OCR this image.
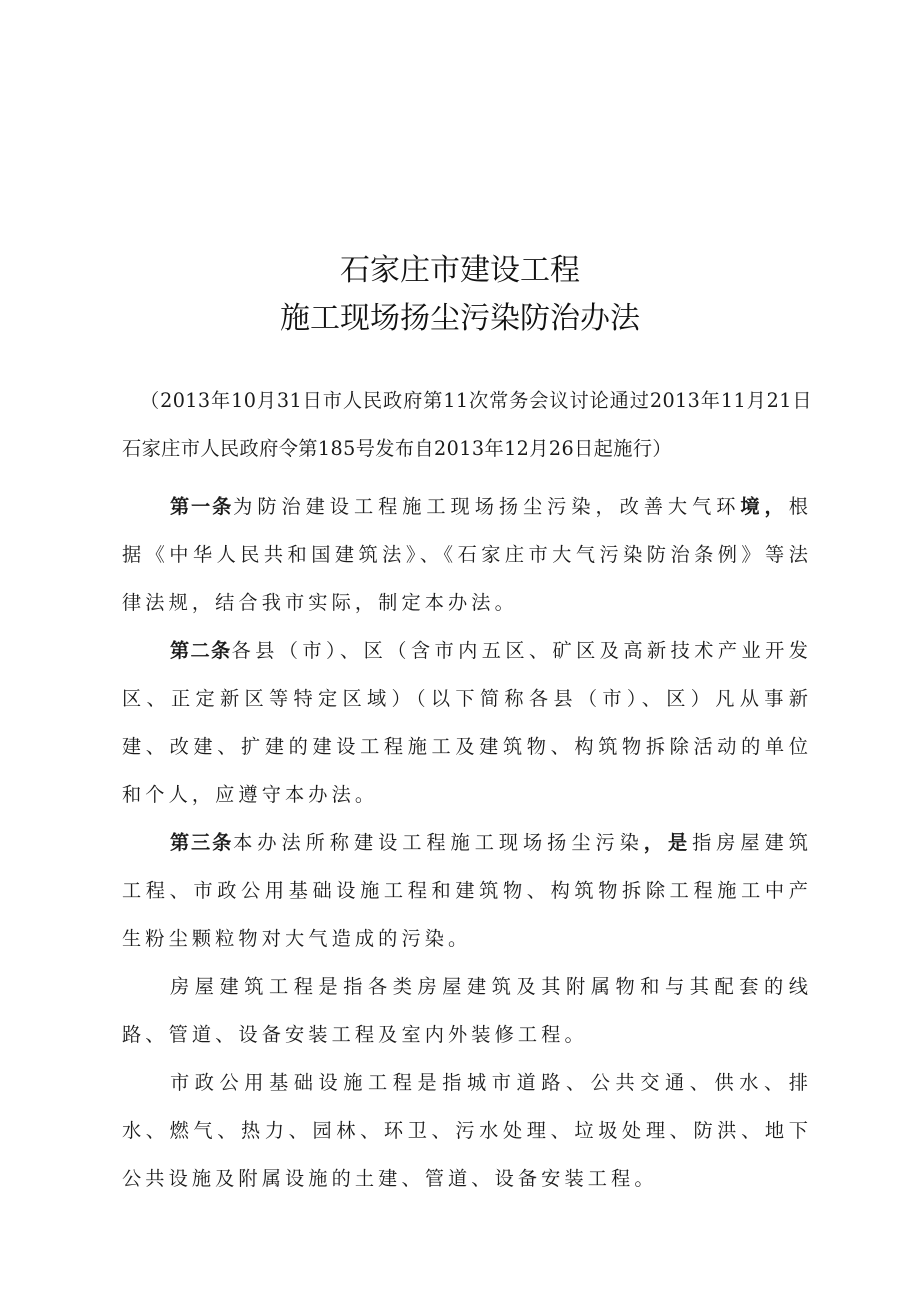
石家庄市建设工程
施工现场扬尘污染防治办法

（2013年10月31日市人民政府第11次常务会议讨论通过2013年11月21日石家庄市人民政府令第185号发布自2013年12月26日起施行）

第一条为防治建设工程施工现场扬尘污染，改善大气环境，根据《中华人民共和国建筑法》、《石家庄市大气污染防治条例》等法律法规，结合我市实际，制定本办法。

第二条各县（市）、区（含市内五区、矿区及高新技术产业开发区、正定新区等特定区域）（以下简称各县（市）、区）凡从事新建、改建、扩建的建设工程施工及建筑物、构筑物拆除活动的单位和个人，应遵守本办法。

第三条本办法所称建设工程施工现场扬尘污染，是指房屋建筑工程、市政公用基础设施工程和建筑物、构筑物拆除工程施工中产生粉尘颗粒物对大气造成的污染。

房屋建筑工程是指各类房屋建筑及其附属物和与其配套的线路、管道、设备安装工程及室内外装修工程。

市政公用基础设施工程是指城市道路、公共交通、供水、排水、燃气、热力、园林、环卫、污水处理、垃圾处理、防洪、地下公共设施及附属设施的土建、管道、设备安装工程。
